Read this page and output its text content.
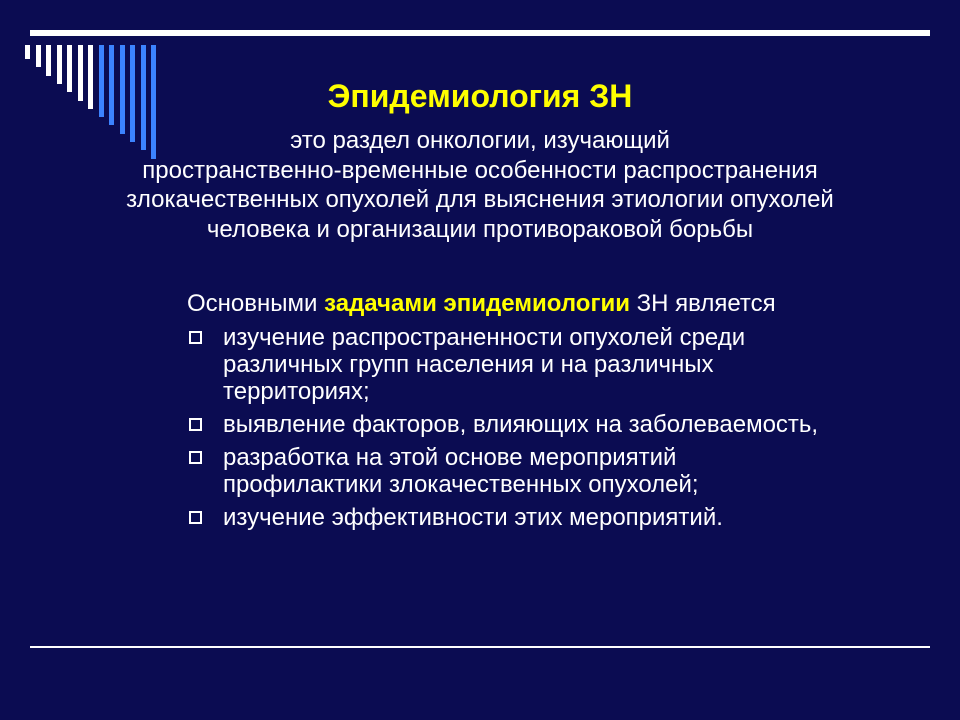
Эпидемиология ЗН
это раздел онкологии, изучающий
пространственно-временные особенности распространения
злокачественных опухолей для выяснения этиологии опухолей
человека и организации противораковой борьбы
Основными задачами эпидемиологии ЗН является
изучение распространенности опухолей среди
различных групп населения и на различных
территориях;
выявление факторов, влияющих на заболеваемость,
разработка на этой основе мероприятий
профилактики злокачественных опухолей;
изучение эффективности этих мероприятий.
